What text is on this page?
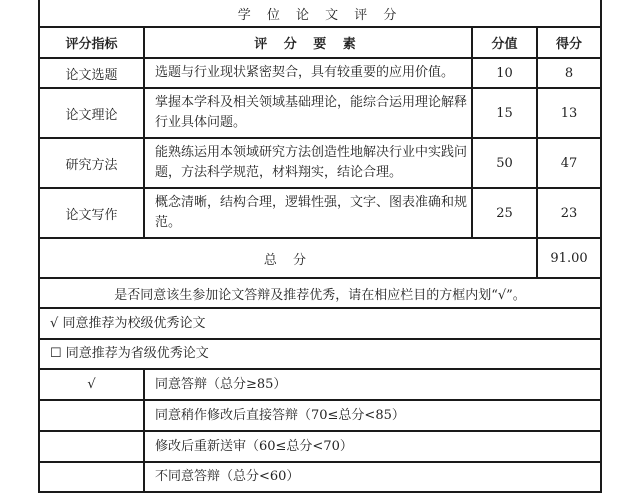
学 位 论 文 评 分			
评分指标	评 分 要 素	分值	得分
论文选题	选题与行业现状紧密契合，具有较重要的应用价值。	10	8
论文理论	掌握本学科及相关领域基础理论，能综合运用理论解释行业具体问题。	15	13
研究方法	能熟练运用本领域研究方法创造性地解决行业中实践问题，方法科学规范，材料翔实，结论合理。	50	47
论文写作	概念清晰，结构合理，逻辑性强，文字、图表准确和规范。	25	23
总 分			91.00
是否同意该生参加论文答辩及推荐优秀，请在相应栏目的方框内划“√”。			
√ 同意推荐为校级优秀论文			
☐ 同意推荐为省级优秀论文			
√	同意答辩（总分≥85）		
	同意稍作修改后直接答辩（70≤总分<85）		
	修改后重新送审（60≤总分<70）		
	不同意答辩（总分<60）		
